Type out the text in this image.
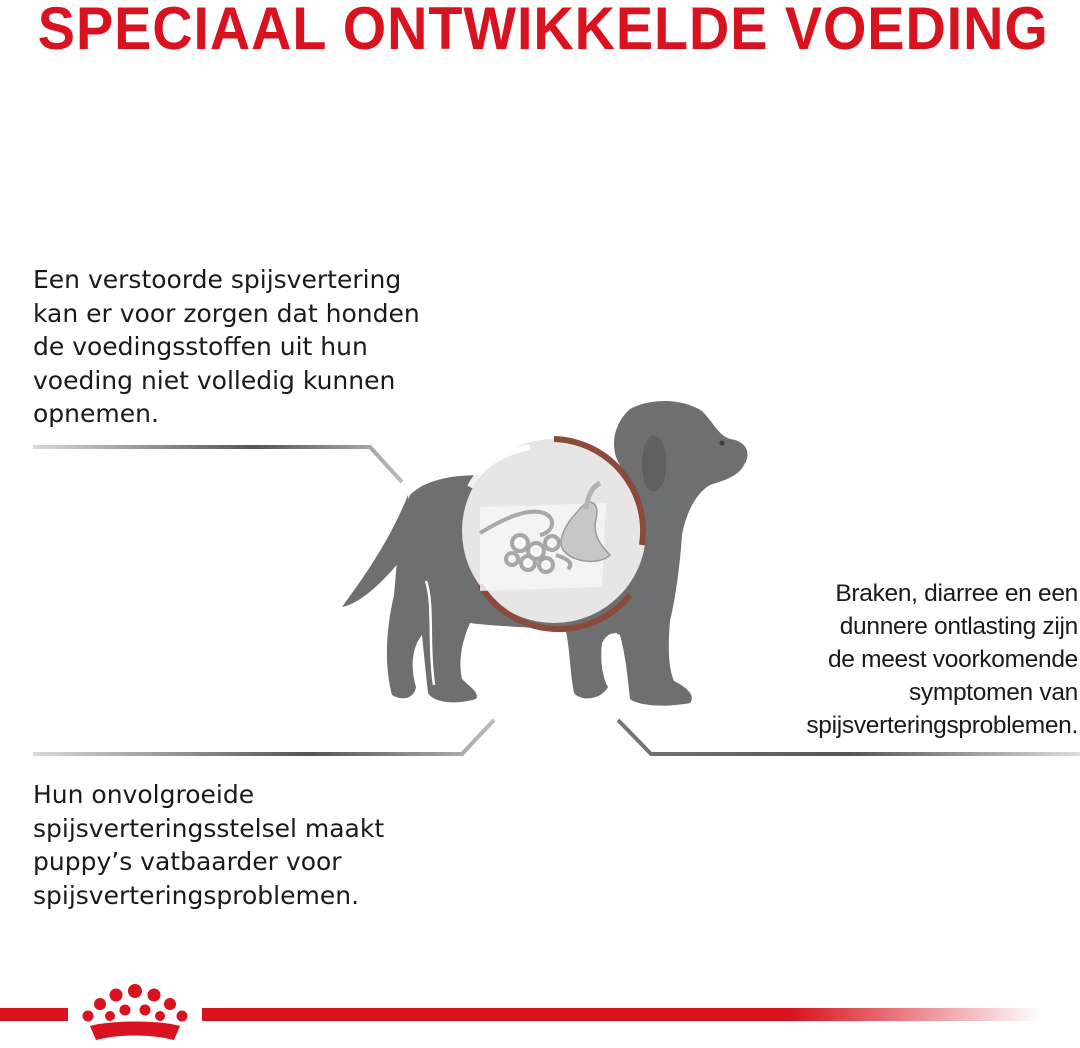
SPECIAAL ONTWIKKELDE VOEDING
Een verstoorde spijsvertering
kan er voor zorgen dat honden
de voedingsstoffen uit hun
voeding niet volledig kunnen
opnemen.
Hun onvolgroeide
spijsverteringsstelsel maakt
puppy’s vatbaarder voor
spijsverteringsproblemen.
Braken, diarree en een
dunnere ontlasting zijn
de meest voorkomende
symptomen van
spijsverteringsproblemen.
